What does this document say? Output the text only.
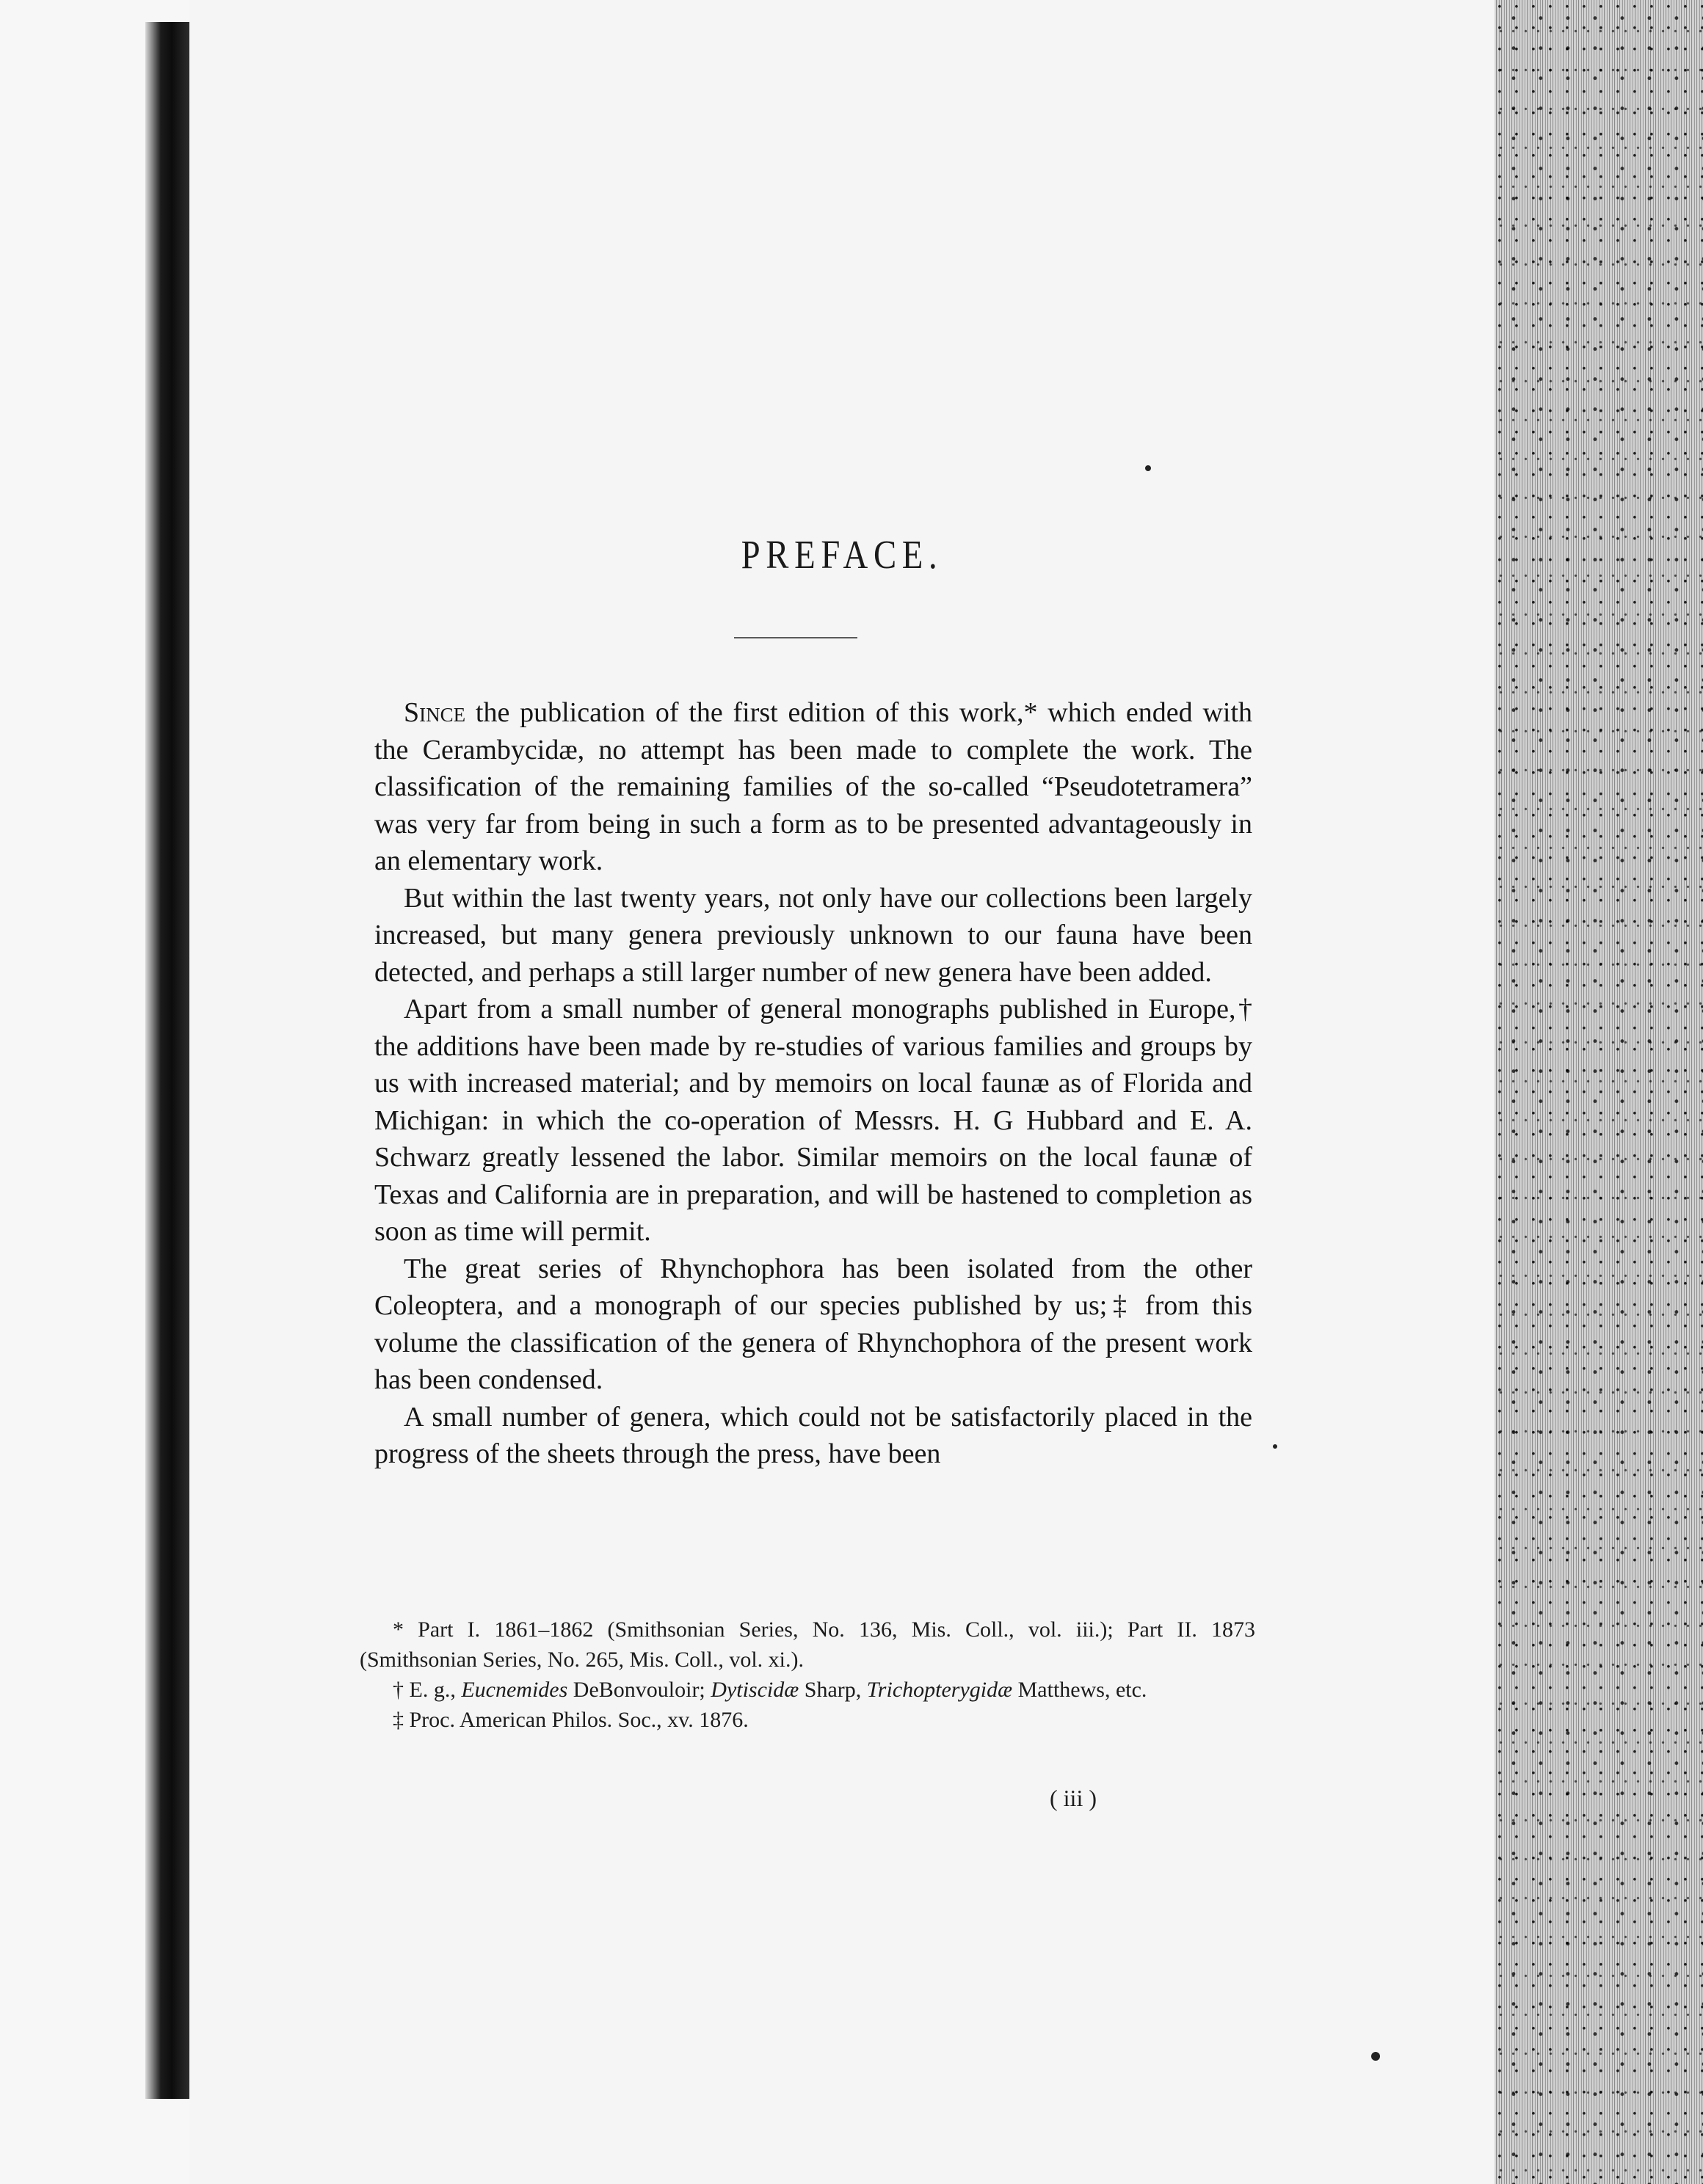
PREFACE.

Since the publication of the first edition of this work,* which ended with the Cerambycidæ, no attempt has been made to complete the work. The classification of the remaining families of the so-called “Pseudotetramera” was very far from being in such a form as to be presented advantageously in an elementary work.

But within the last twenty years, not only have our collections been largely increased, but many genera previously unknown to our fauna have been detected, and perhaps a still larger number of new genera have been added.

Apart from a small number of general monographs published in Europe,† the additions have been made by re-studies of various families and groups by us with increased material; and by memoirs on local faunæ as of Florida and Michigan: in which the co-operation of Messrs. H. G Hubbard and E. A. Schwarz greatly lessened the labor. Similar memoirs on the local faunæ of Texas and California are in preparation, and will be hastened to completion as soon as time will permit.

The great series of Rhynchophora has been isolated from the other Coleoptera, and a monograph of our species published by us;‡ from this volume the classification of the genera of Rhynchophora of the present work has been condensed.

A small number of genera, which could not be satisfactorily placed in the progress of the sheets through the press, have been

* Part I. 1861–1862 (Smithsonian Series, No. 136, Mis. Coll., vol. iii.); Part II. 1873 (Smithsonian Series, No. 265, Mis. Coll., vol. xi.).

† E. g., Eucnemides DeBonvouloir; Dytiscidæ Sharp, Trichopterygidæ Matthews, etc.

‡ Proc. American Philos. Soc., xv. 1876.

( iii )
